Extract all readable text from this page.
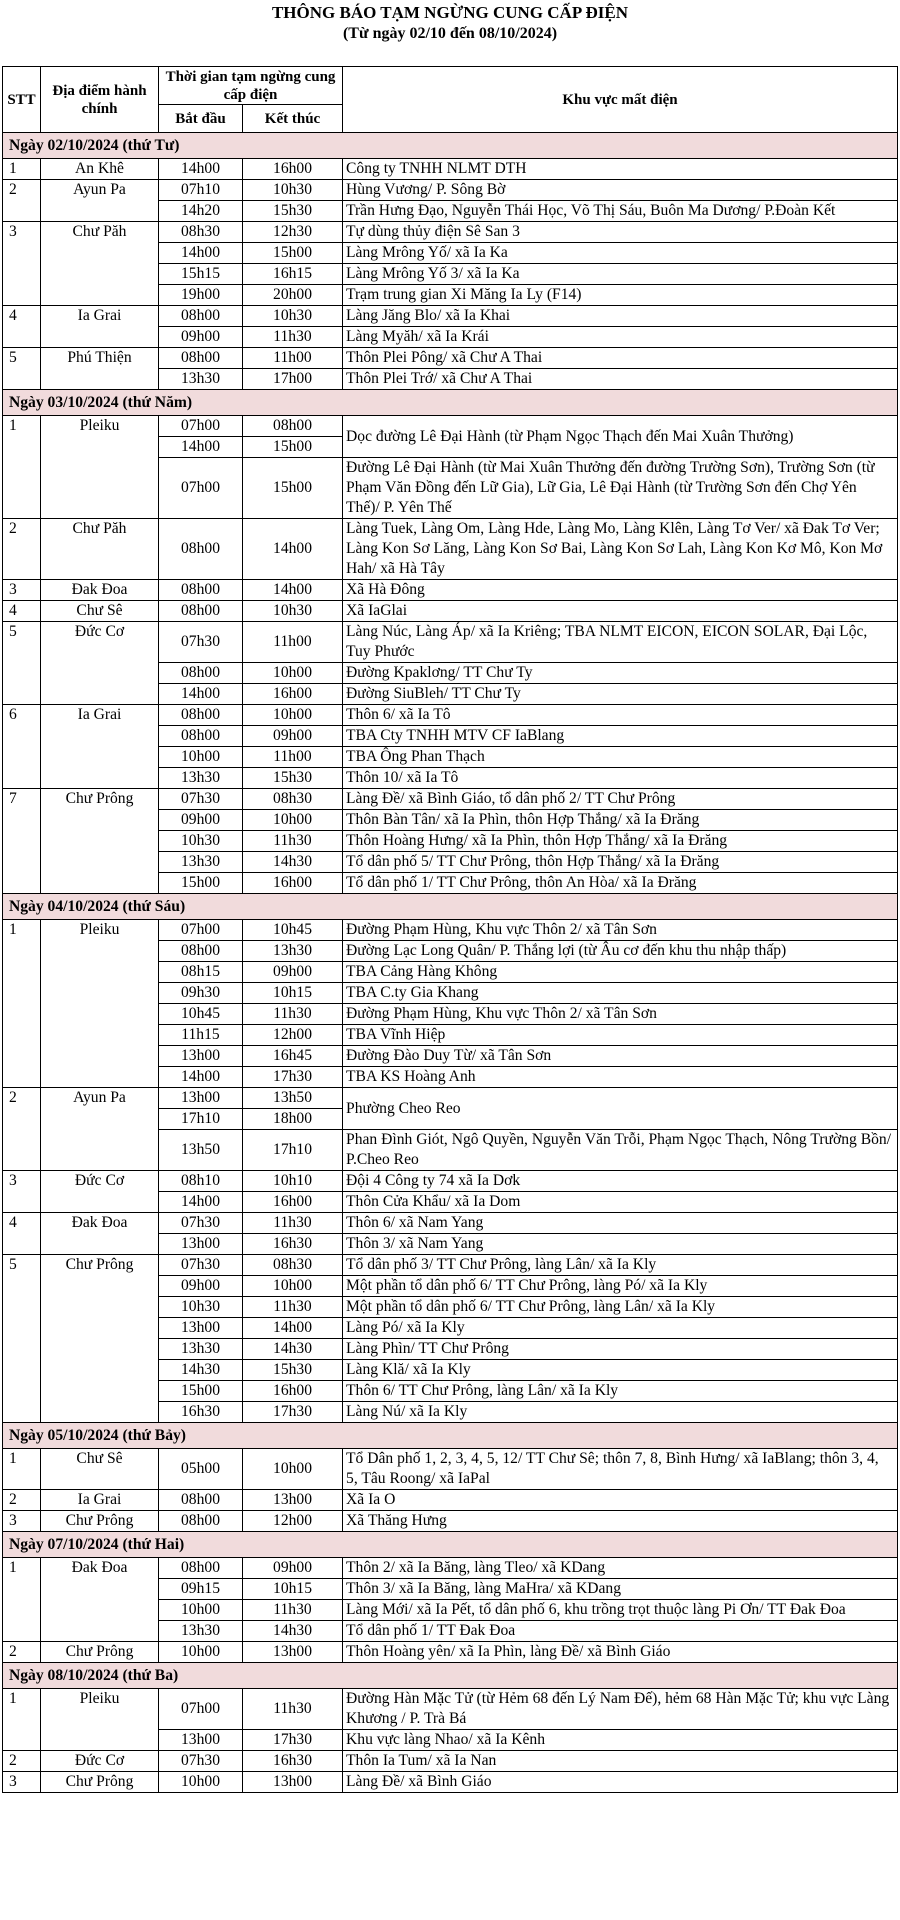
THÔNG BÁO TẠM NGỪNG CUNG CẤP ĐIỆN
(Từ ngày 02/10 đến 08/10/2024)
STT	Địa điểm hành chính	Thời gian tạm ngừng cung cấp điện		Khu vực mất điện
		Bắt đầu	Kết thúc	
Ngày 02/10/2024 (thứ Tư)				
1	An Khê	14h00	16h00	Công ty TNHH NLMT DTH
2	Ayun Pa	07h10	10h30	Hùng Vương/ P. Sông Bờ
		14h20	15h30	Trần Hưng Đạo, Nguyễn Thái Học, Võ Thị Sáu, Buôn Ma Dương/ P.Đoàn Kết
3	Chư Păh	08h30	12h30	Tự dùng thủy điện Sê San 3
		14h00	15h00	Làng Mrông Yố/ xã Ia Ka
		15h15	16h15	Làng Mrông Yố 3/ xã Ia Ka
		19h00	20h00	Trạm trung gian Xi Măng Ia Ly (F14)
4	Ia Grai	08h00	10h30	Làng Jăng Blo/ xã Ia Khai
		09h00	11h30	Làng Myăh/ xã Ia Krái
5	Phú Thiện	08h00	11h00	Thôn Plei Pông/ xã Chư A Thai
		13h30	17h00	Thôn Plei Trớ/ xã Chư A Thai
Ngày 03/10/2024 (thứ Năm)				
1	Pleiku	07h00	08h00	Dọc đường Lê Đại Hành (từ Phạm Ngọc Thạch đến Mai Xuân Thưởng)
		14h00	15h00	
		07h00	15h00	Đường Lê Đại Hành (từ Mai Xuân Thưởng đến đường Trường Sơn), Trường Sơn (từ Phạm Văn Đồng đến Lữ Gia), Lữ Gia, Lê Đại Hành (từ Trường Sơn đến Chợ Yên Thế)/ P. Yên Thế
2	Chư Păh	08h00	14h00	Làng Tuek, Làng Om, Làng Hde, Làng Mo, Làng Klên, Làng Tơ Ver/ xã Đak Tơ Ver; Làng Kon Sơ Lăng, Làng Kon Sơ Bai, Làng Kon Sơ Lah, Làng Kon Kơ Mô, Kon Mơ Hah/ xã Hà Tây
3	Đak Đoa	08h00	14h00	Xã Hà Đông
4	Chư Sê	08h00	10h30	Xã IaGlai
5	Đức Cơ	07h30	11h00	Làng Núc, Làng Áp/ xã Ia Kriêng; TBA NLMT EICON, EICON SOLAR, Đại Lộc, Tuy Phước
		08h00	10h00	Đường Kpaklơng/ TT Chư Ty
		14h00	16h00	Đường SiuBleh/ TT Chư Ty
6	Ia Grai	08h00	10h00	Thôn 6/ xã Ia Tô
		08h00	09h00	TBA Cty TNHH MTV CF IaBlang
		10h00	11h00	TBA Ông Phan Thạch
		13h30	15h30	Thôn 10/ xã Ia Tô
7	Chư Prông	07h30	08h30	Làng Đề/ xã Bình Giáo, tổ dân phố 2/ TT Chư Prông
		09h00	10h00	Thôn Bàn Tân/ xã Ia Phìn, thôn Hợp Thắng/ xã Ia Đrăng
		10h30	11h30	Thôn Hoàng Hưng/ xã Ia Phìn, thôn Hợp Thắng/ xã Ia Đrăng
		13h30	14h30	Tổ dân phố 5/ TT Chư Prông, thôn Hợp Thắng/ xã Ia Đrăng
		15h00	16h00	Tổ dân phố 1/ TT Chư Prông, thôn An Hòa/ xã Ia Đrăng
Ngày 04/10/2024 (thứ Sáu)				
1	Pleiku	07h00	10h45	Đường Phạm Hùng, Khu vực Thôn 2/ xã Tân Sơn
		08h00	13h30	Đường Lạc Long Quân/ P. Thắng lợi (từ Âu cơ đến khu thu nhập thấp)
		08h15	09h00	TBA Cảng Hàng Không
		09h30	10h15	TBA C.ty Gia Khang
		10h45	11h30	Đường Phạm Hùng, Khu vực Thôn 2/ xã Tân Sơn
		11h15	12h00	TBA Vĩnh Hiệp
		13h00	16h45	Đường Đào Duy Từ/ xã Tân Sơn
		14h00	17h30	TBA KS Hoàng Anh
2	Ayun Pa	13h00	13h50	Phường Cheo Reo
		17h10	18h00	
		13h50	17h10	Phan Đình Giót, Ngô Quyền, Nguyễn Văn Trỗi, Phạm Ngọc Thạch, Nông Trường Bồn/ P.Cheo Reo
3	Đức Cơ	08h10	10h10	Đội 4 Công ty 74 xã Ia Dơk
		14h00	16h00	Thôn Cửa Khẩu/ xã Ia Dom
4	Đak Đoa	07h30	11h30	Thôn 6/ xã Nam Yang
		13h00	16h30	Thôn 3/ xã Nam Yang
5	Chư Prông	07h30	08h30	Tổ dân phố 3/ TT Chư Prông, làng Lân/ xã Ia Kly
		09h00	10h00	Một phần tổ dân phố 6/ TT Chư Prông, làng Pó/ xã Ia Kly
		10h30	11h30	Một phần tổ dân phố 6/ TT Chư Prông, làng Lân/ xã Ia Kly
		13h00	14h00	Làng Pó/ xã Ia Kly
		13h30	14h30	Làng Phìn/ TT Chư Prông
		14h30	15h30	Làng Klă/ xã Ia Kly
		15h00	16h00	Thôn 6/ TT Chư Prông, làng Lân/ xã Ia Kly
		16h30	17h30	Làng Nú/ xã Ia Kly
Ngày 05/10/2024 (thứ Bảy)				
1	Chư Sê	05h00	10h00	Tổ Dân phố 1, 2, 3, 4, 5, 12/ TT Chư Sê; thôn 7, 8, Bình Hưng/ xã IaBlang; thôn 3, 4, 5, Tâu Roong/ xã IaPal
2	Ia Grai	08h00	13h00	Xã Ia O
3	Chư Prông	08h00	12h00	Xã Thăng Hưng
Ngày 07/10/2024 (thứ Hai)				
1	Đak Đoa	08h00	09h00	Thôn 2/ xã Ia Băng, làng Tleo/ xã KDang
		09h15	10h15	Thôn 3/ xã Ia Băng, làng MaHra/ xã KDang
		10h00	11h30	Làng Mới/ xã Ia Pết, tổ dân phố 6, khu trồng trọt thuộc làng Pi Ơn/ TT Đak Đoa
		13h30	14h30	Tổ dân phố 1/ TT Đak Đoa
2	Chư Prông	10h00	13h00	Thôn Hoàng yên/ xã Ia Phìn, làng Đề/ xã Bình Giáo
Ngày 08/10/2024 (thứ Ba)				
1	Pleiku	07h00	11h30	Đường Hàn Mặc Tử (từ Hẻm 68 đến Lý Nam Đế), hẻm 68 Hàn Mặc Tử; khu vực Làng Khương / P. Trà Bá
		13h00	17h30	Khu vực làng Nhao/ xã Ia Kênh
2	Đức Cơ	07h30	16h30	Thôn Ia Tum/ xã Ia Nan
3	Chư Prông	10h00	13h00	Làng Đề/ xã Bình Giáo
